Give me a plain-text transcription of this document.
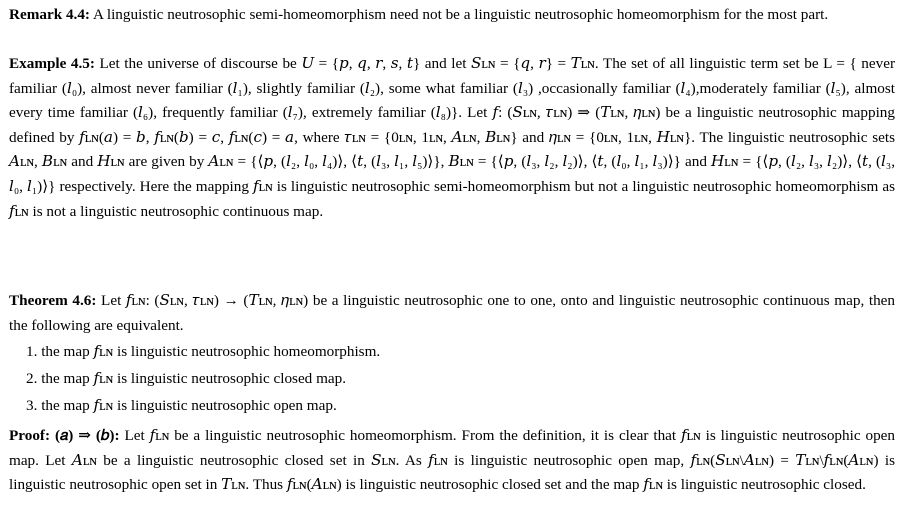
Remark 4.4: A linguistic neutrosophic semi-homeomorphism need not be a linguistic neutrosophic homeomorphism for the most part.

Example 4.5: Let the universe of discourse be 𝑈 = {𝑝, 𝑞, 𝑟, 𝑠, 𝑡} and let 𝑆ʟɴ = {𝑞, 𝑟} = 𝑇ʟɴ. The set of all linguistic term set be L = { never familiar (𝑙₀), almost never familiar (𝑙₁), slightly familiar (𝑙₂), some what familiar (𝑙₃) ,occasionally familiar (𝑙₄),moderately familiar (𝑙₅), almost every time familiar (𝑙₆), frequently familiar (𝑙₇), extremely familiar (𝑙₈)}. Let 𝑓: (𝑆ʟɴ, 𝜏ʟɴ) ⇒ (𝑇ʟɴ, 𝜂ʟɴ) be a linguistic neutrosophic mapping defined by 𝑓ʟɴ(𝑎) = 𝑏, 𝑓ʟɴ(𝑏) = 𝑐, 𝑓ʟɴ(𝑐) = 𝑎, where 𝜏ʟɴ = {0ʟɴ, 1ʟɴ, 𝐴ʟɴ, 𝐵ʟɴ} and 𝜂ʟɴ = {0ʟɴ, 1ʟɴ, 𝐻ʟɴ}. The linguistic neutrosophic sets 𝐴ʟɴ, 𝐵ʟɴ and 𝐻ʟɴ are given by 𝐴ʟɴ = {⟨𝑝, (𝑙₂, 𝑙₀, 𝑙₄)⟩, ⟨𝑡, (𝑙₃, 𝑙₁, 𝑙₅)⟩}, 𝐵ʟɴ = {⟨𝑝, (𝑙₃, 𝑙₂, 𝑙₂)⟩, ⟨𝑡, (𝑙₀, 𝑙₁, 𝑙₃)⟩} and 𝐻ʟɴ = {⟨𝑝, (𝑙₂, 𝑙₃, 𝑙₂)⟩, ⟨𝑡, (𝑙₃, 𝑙₀, 𝑙₁)⟩} respectively. Here the mapping 𝑓ʟɴ is linguistic neutrosophic semi-homeomorphism but not a linguistic neutrosophic homeomorphism as 𝑓ʟɴ is not a linguistic neutrosophic continuous map.

Theorem 4.6: Let 𝑓ʟɴ: (𝑆ʟɴ, 𝜏ʟɴ) → (𝑇ʟɴ, 𝜂ʟɴ) be a linguistic neutrosophic one to one, onto and linguistic neutrosophic continuous map, then the following are equivalent.

1. the map 𝑓ʟɴ is linguistic neutrosophic homeomorphism.
2. the map 𝑓ʟɴ is linguistic neutrosophic closed map.
3. the map 𝑓ʟɴ is linguistic neutrosophic open map.

Proof: (𝑎) ⇒ (𝑏): Let 𝑓ʟɴ be a linguistic neutrosophic homeomorphism. From the definition, it is clear that 𝑓ʟɴ is linguistic neutrosophic open map. Let 𝐴ʟɴ be a linguistic neutrosophic closed set in 𝑆ʟɴ. As 𝑓ʟɴ is linguistic neutrosophic open map, 𝑓ʟɴ(𝑆ʟɴ\𝐴ʟɴ) = 𝑇ʟɴ\𝑓ʟɴ(𝐴ʟɴ) is linguistic neutrosophic open set in 𝑇ʟɴ. Thus 𝑓ʟɴ(𝐴ʟɴ) is linguistic neutrosophic closed set and the map 𝑓ʟɴ is linguistic neutrosophic closed.
